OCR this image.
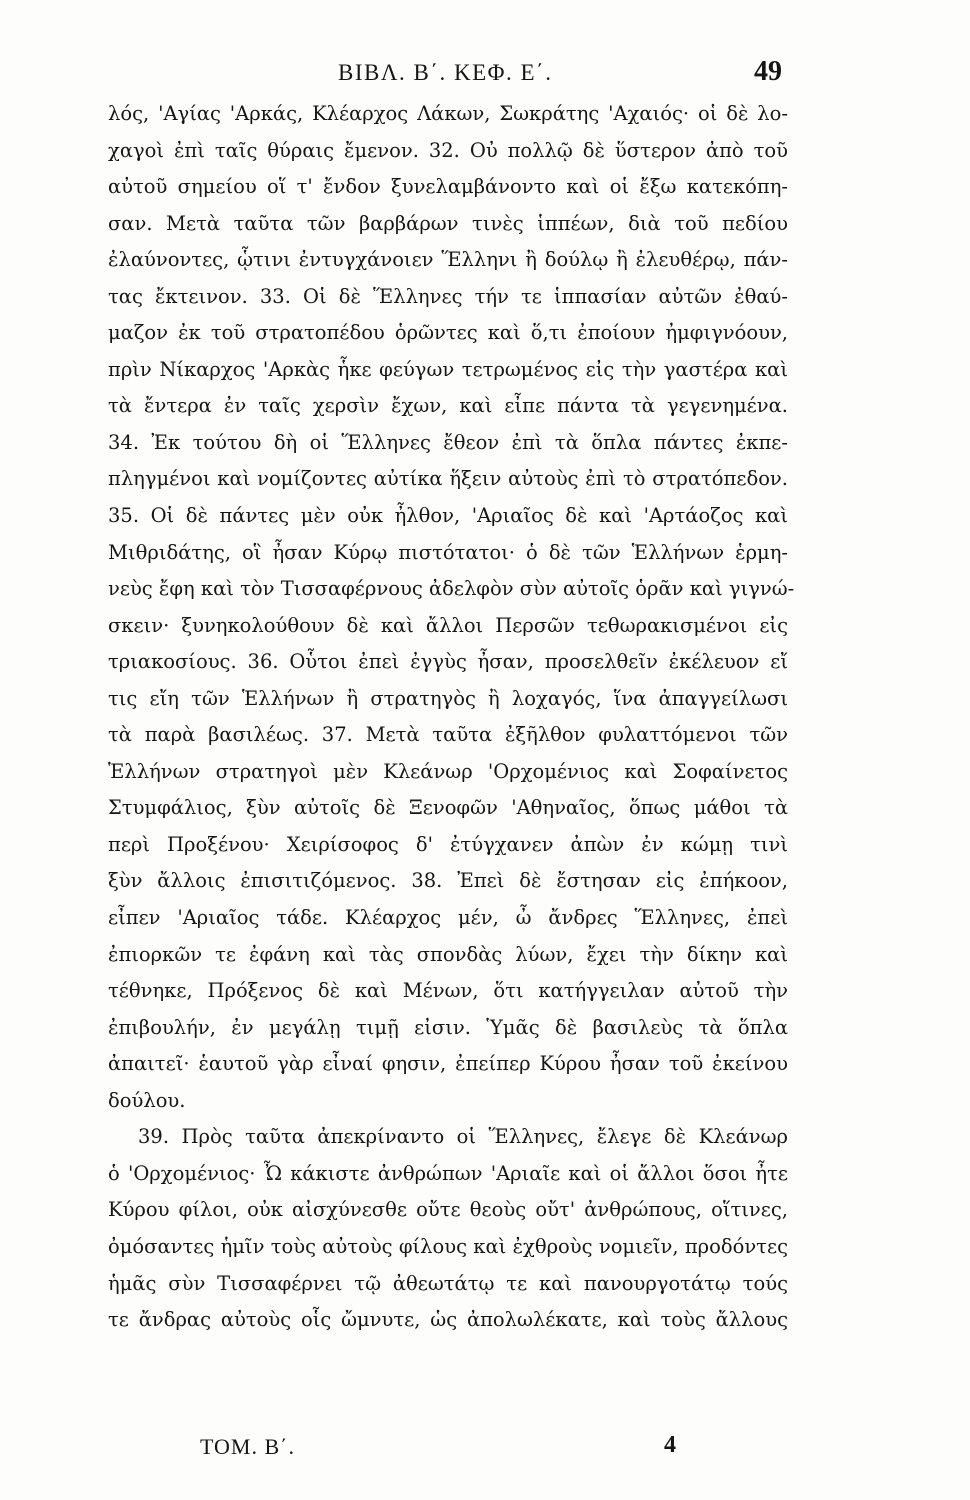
ΒΙΒΛ. Β΄. ΚΕΦ. Ε΄.	49
λός, 'Αγίας 'Αρκάς, Κλέαρχος Λάκων, Σωκράτης 'Αχαιός· οἱ δὲ λο-
χαγοὶ ἐπὶ ταῖς θύραις ἔμενον. 32. Οὐ πολλῷ δὲ ὕστερον ἀπὸ τοῦ
αὐτοῦ σημείου οἵ τ' ἔνδον ξυνελαμβάνοντο καὶ οἱ ἔξω κατεκόπη-
σαν. Μετὰ ταῦτα τῶν βαρβάρων τινὲς ἱππέων, διὰ τοῦ πεδίου
ἐλαύνοντες, ᾧτινι ἐντυγχάνοιεν Ἕλληνι ἢ δούλῳ ἢ ἐλευθέρῳ, πάν-
τας ἔκτεινον. 33. Οἱ δὲ Ἕλληνες τήν τε ἱππασίαν αὐτῶν ἐθαύ-
μαζον ἐκ τοῦ στρατοπέδου ὁρῶντες καὶ ὅ,τι ἐποίουν ἠμφιγνόουν,
πρὶν Νίκαρχος 'Αρκὰς ἧκε φεύγων τετρωμένος εἰς τὴν γαστέρα καὶ
τὰ ἔντερα ἐν ταῖς χερσὶν ἔχων, καὶ εἶπε πάντα τὰ γεγενημένα.
34. Ἐκ τούτου δὴ οἱ Ἕλληνες ἔθεον ἐπὶ τὰ ὅπλα πάντες ἐκπε-
πληγμένοι καὶ νομίζοντες αὐτίκα ἥξειν αὐτοὺς ἐπὶ τὸ στρατόπεδον.
35. Οἱ δὲ πάντες μὲν οὐκ ἦλθον, 'Αριαῖος δὲ καὶ 'Αρτάοζος καὶ
Μιθριδάτης, οἳ ἦσαν Κύρῳ πιστότατοι· ὁ δὲ τῶν Ἑλλήνων ἑρμη-
νεὺς ἔφη καὶ τὸν Τισσαφέρνους ἀδελφὸν σὺν αὐτοῖς ὁρᾶν καὶ γιγνώ-
σκειν· ξυνηκολούθουν δὲ καὶ ἄλλοι Περσῶν τεθωρακισμένοι εἰς
τριακοσίους. 36. Οὗτοι ἐπεὶ ἐγγὺς ἦσαν, προσελθεῖν ἐκέλευον εἴ
τις εἴη τῶν Ἑλλήνων ἢ στρατηγὸς ἢ λοχαγός, ἵνα ἀπαγγείλωσι
τὰ παρὰ βασιλέως. 37. Μετὰ ταῦτα ἐξῆλθον φυλαττόμενοι τῶν
Ἑλλήνων στρατηγοὶ μὲν Κλεάνωρ 'Ορχομένιος καὶ Σοφαίνετος
Στυμφάλιος, ξὺν αὐτοῖς δὲ Ξενοφῶν 'Αθηναῖος, ὅπως μάθοι τὰ
περὶ Προξένου· Χειρίσοφος δ' ἐτύγχανεν ἀπὼν ἐν κώμῃ τινὶ
ξὺν ἄλλοις ἐπισιτιζόμενος. 38. Ἐπεὶ δὲ ἔστησαν εἰς ἐπήκοον,
εἶπεν 'Αριαῖος τάδε. Κλέαρχος μέν, ὦ ἄνδρες Ἕλληνες, ἐπεὶ
ἐπιορκῶν τε ἐφάνη καὶ τὰς σπονδὰς λύων, ἔχει τὴν δίκην καὶ
τέθνηκε, Πρόξενος δὲ καὶ Μένων, ὅτι κατήγγειλαν αὐτοῦ τὴν
ἐπιβουλήν, ἐν μεγάλῃ τιμῇ εἰσιν. Ὑμᾶς δὲ βασιλεὺς τὰ ὅπλα
ἀπαιτεῖ· ἑαυτοῦ γὰρ εἶναί φησιν, ἐπείπερ Κύρου ἦσαν τοῦ ἐκείνου
δούλου.
39. Πρὸς ταῦτα ἀπεκρίναντο οἱ Ἕλληνες, ἔλεγε δὲ Κλεάνωρ
ὁ 'Ορχομένιος· Ὦ κάκιστε ἀνθρώπων 'Αριαῖε καὶ οἱ ἄλλοι ὅσοι ἦτε
Κύρου φίλοι, οὐκ αἰσχύνεσθε οὔτε θεοὺς οὔτ' ἀνθρώπους, οἵτινες,
ὀμόσαντες ἡμῖν τοὺς αὐτοὺς φίλους καὶ ἐχθροὺς νομιεῖν, προδόντες
ἡμᾶς σὺν Τισσαφέρνει τῷ ἀθεωτάτῳ τε καὶ πανουργοτάτῳ τούς
τε ἄνδρας αὐτοὺς οἷς ὤμνυτε, ὡς ἀπολωλέκατε, καὶ τοὺς ἄλλους
ΤΟΜ. Β΄.	4
